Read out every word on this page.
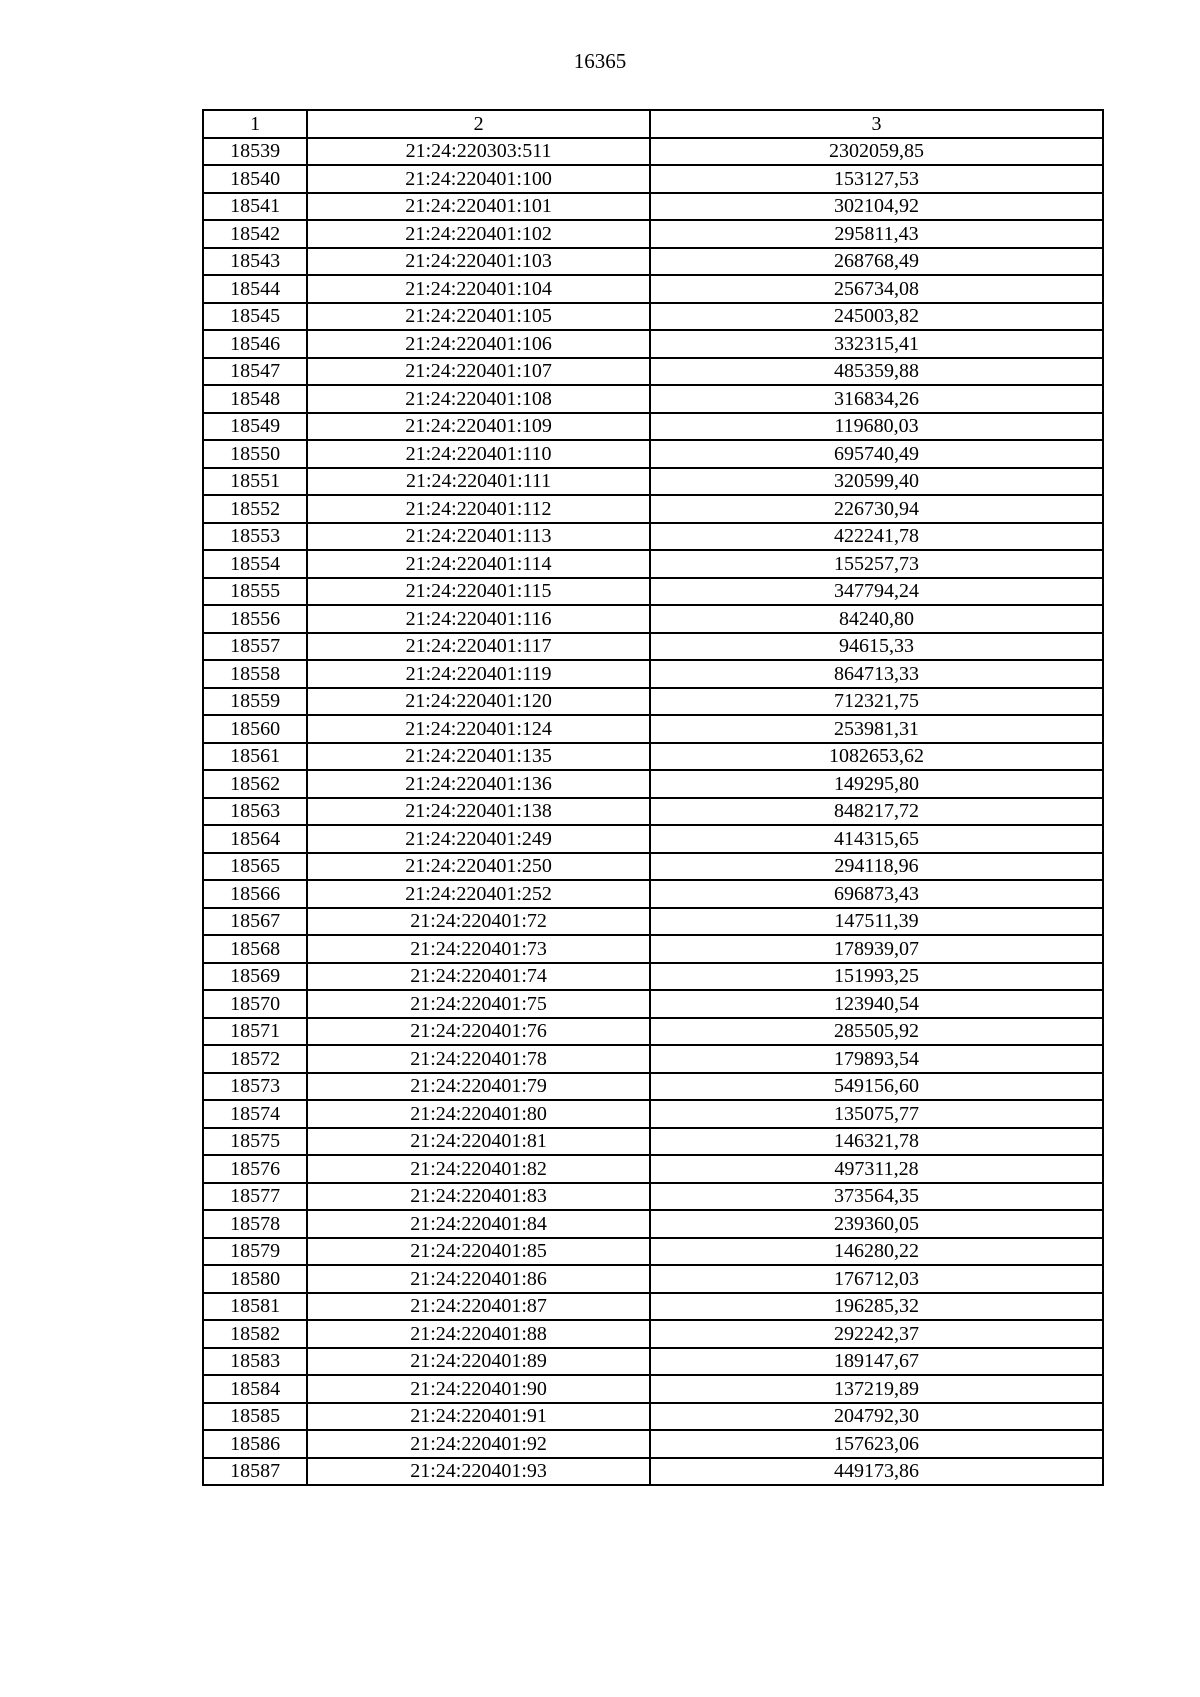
16365
1	2	3
18539	21:24:220303:511	2302059,85
18540	21:24:220401:100	153127,53
18541	21:24:220401:101	302104,92
18542	21:24:220401:102	295811,43
18543	21:24:220401:103	268768,49
18544	21:24:220401:104	256734,08
18545	21:24:220401:105	245003,82
18546	21:24:220401:106	332315,41
18547	21:24:220401:107	485359,88
18548	21:24:220401:108	316834,26
18549	21:24:220401:109	119680,03
18550	21:24:220401:110	695740,49
18551	21:24:220401:111	320599,40
18552	21:24:220401:112	226730,94
18553	21:24:220401:113	422241,78
18554	21:24:220401:114	155257,73
18555	21:24:220401:115	347794,24
18556	21:24:220401:116	84240,80
18557	21:24:220401:117	94615,33
18558	21:24:220401:119	864713,33
18559	21:24:220401:120	712321,75
18560	21:24:220401:124	253981,31
18561	21:24:220401:135	1082653,62
18562	21:24:220401:136	149295,80
18563	21:24:220401:138	848217,72
18564	21:24:220401:249	414315,65
18565	21:24:220401:250	294118,96
18566	21:24:220401:252	696873,43
18567	21:24:220401:72	147511,39
18568	21:24:220401:73	178939,07
18569	21:24:220401:74	151993,25
18570	21:24:220401:75	123940,54
18571	21:24:220401:76	285505,92
18572	21:24:220401:78	179893,54
18573	21:24:220401:79	549156,60
18574	21:24:220401:80	135075,77
18575	21:24:220401:81	146321,78
18576	21:24:220401:82	497311,28
18577	21:24:220401:83	373564,35
18578	21:24:220401:84	239360,05
18579	21:24:220401:85	146280,22
18580	21:24:220401:86	176712,03
18581	21:24:220401:87	196285,32
18582	21:24:220401:88	292242,37
18583	21:24:220401:89	189147,67
18584	21:24:220401:90	137219,89
18585	21:24:220401:91	204792,30
18586	21:24:220401:92	157623,06
18587	21:24:220401:93	449173,86
